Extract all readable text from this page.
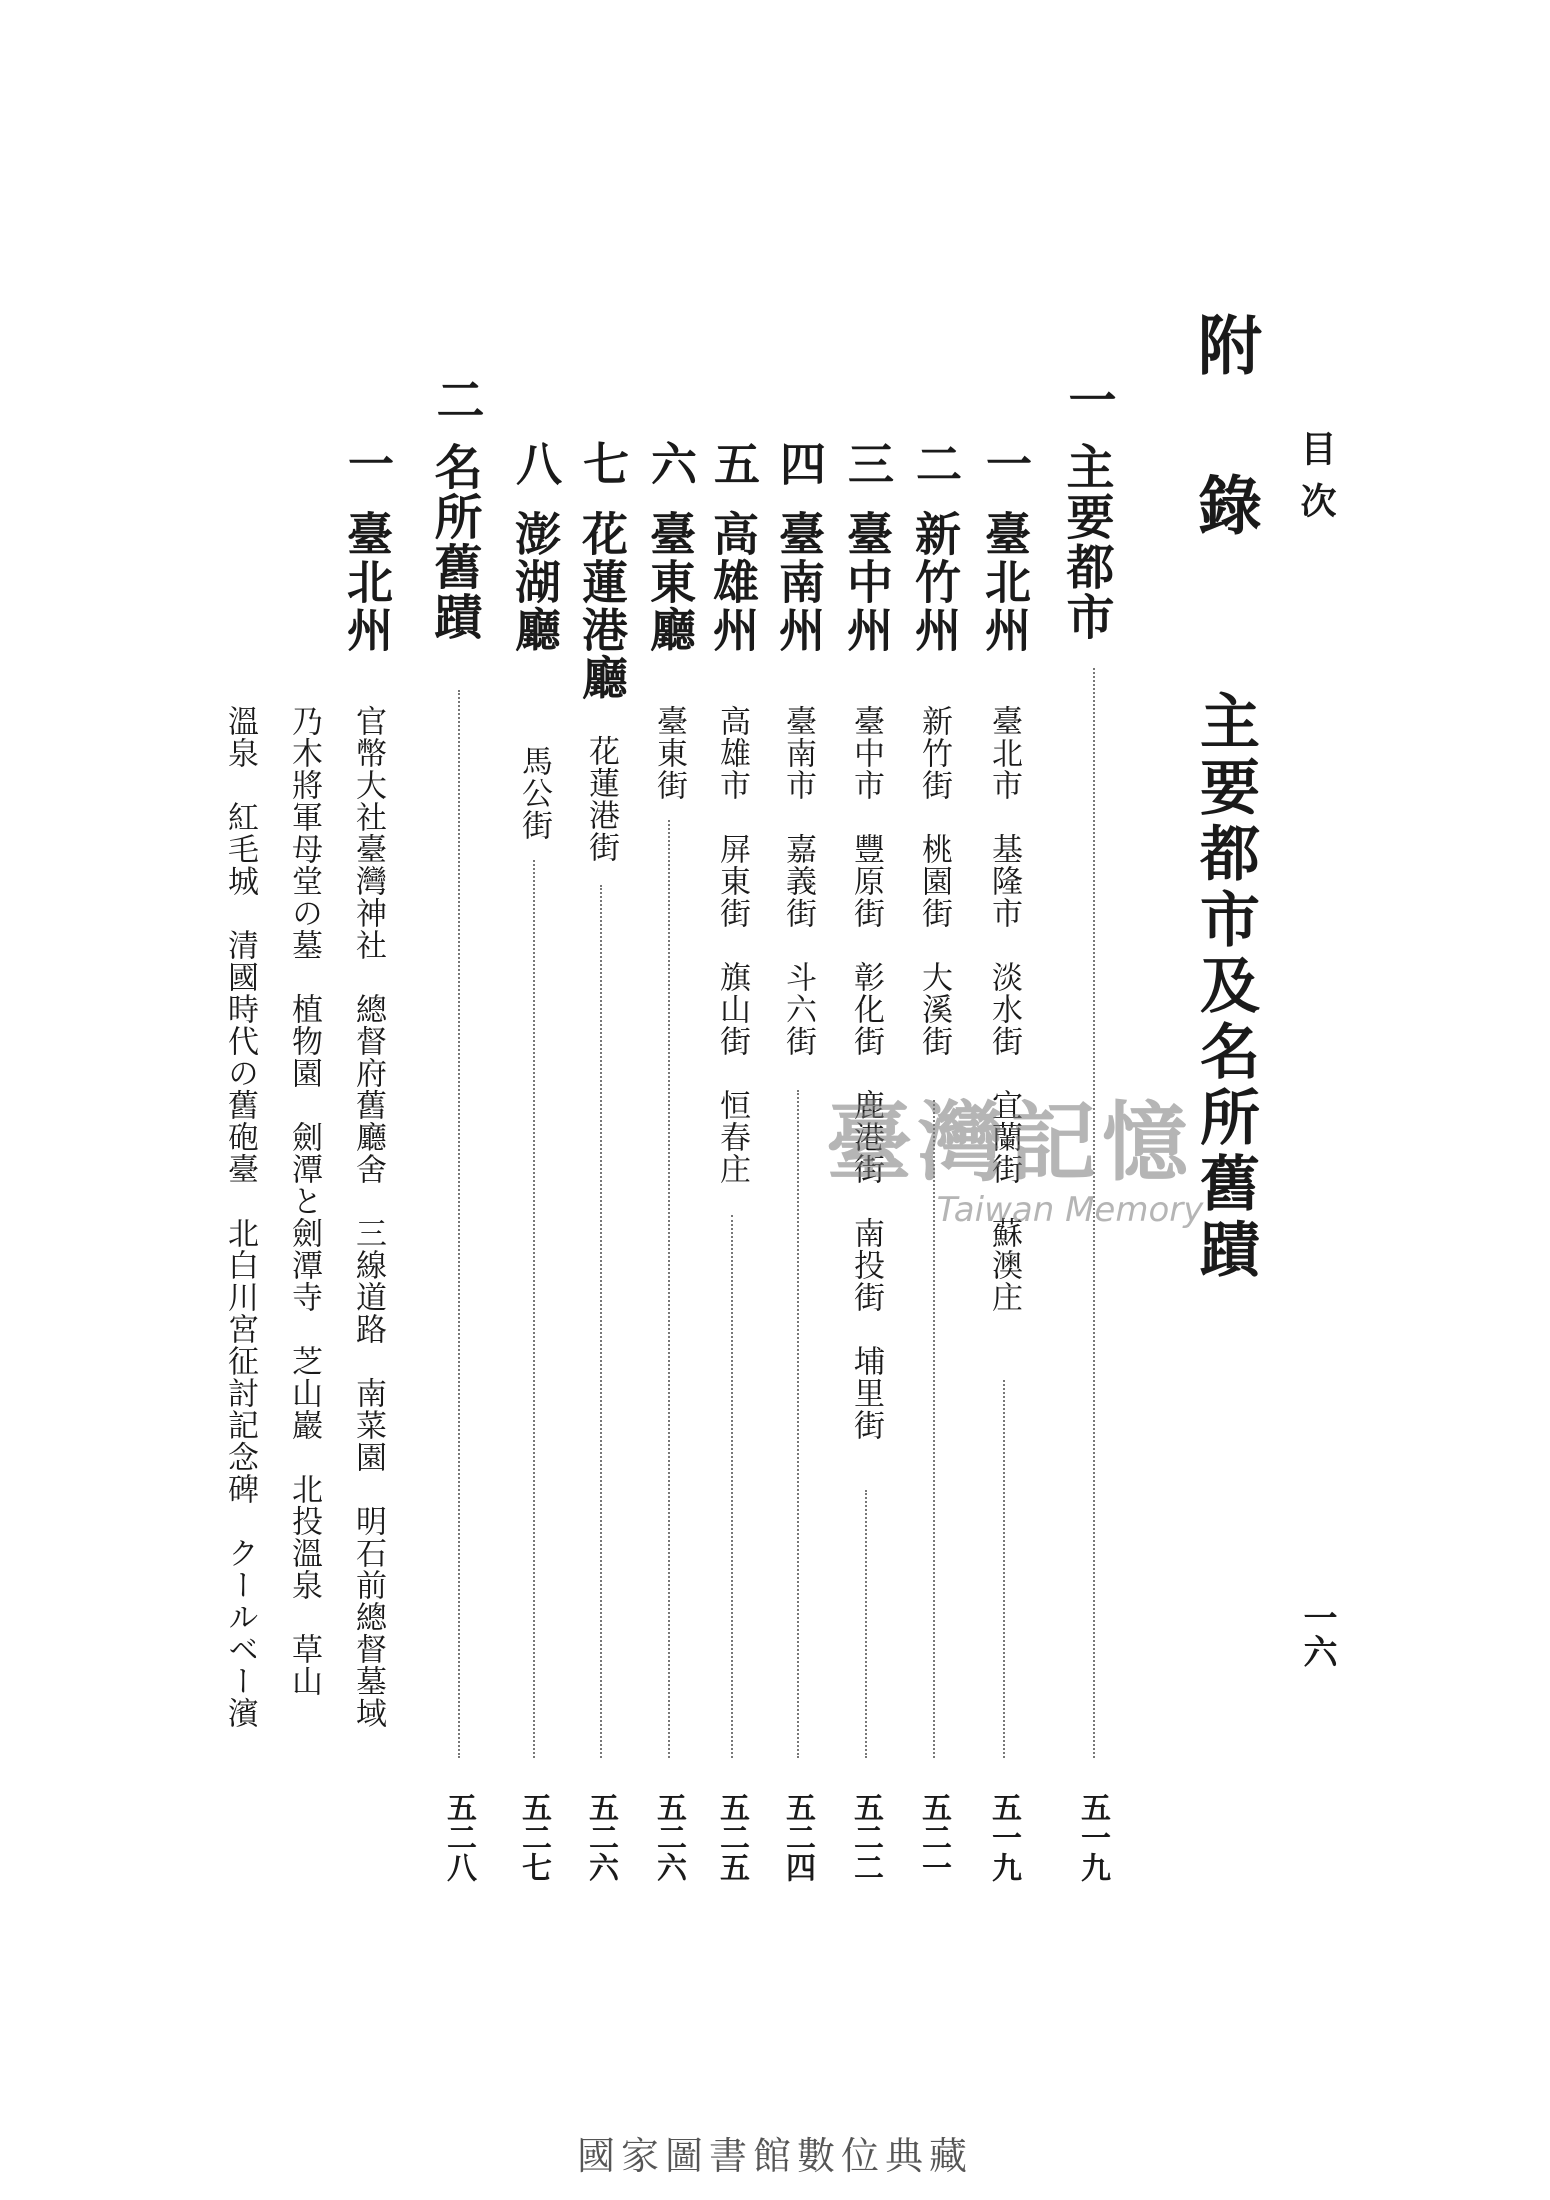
目次
一六
附錄
主要都市及名所舊蹟
一
主要都市
五一九
一
臺北州
臺北市　基隆市　淡水街　宜蘭街　蘇澳庄
五一九
二
新竹州
新竹街　桃園街　大溪街
五二一
三
臺中州
臺中市　豐原街　彰化街　鹿港街　南投街　埔里街
五二二
四
臺南州
臺南市　嘉義街　斗六街
五二四
五
高雄州
高雄市　屏東街　旗山街　恒春庄
五二五
六
臺東廳
臺東街
五二六
七
花蓮港廳
花蓮港街
五二六
八
澎湖廳
馬公街
五二七
二
名所舊蹟
五二八
一
臺北州
官幣大社臺灣神社　總督府舊廳舍　三線道路　南菜園　明石前總督墓域
乃木將軍母堂の墓　植物園　劍潭と劍潭寺　芝山巖　北投溫泉　草山
溫泉　紅毛城　清國時代の舊砲臺　北白川宮征討記念碑　クールベー濱	臺灣記憶
Taiwan Memory
國家圖書館數位典藏
